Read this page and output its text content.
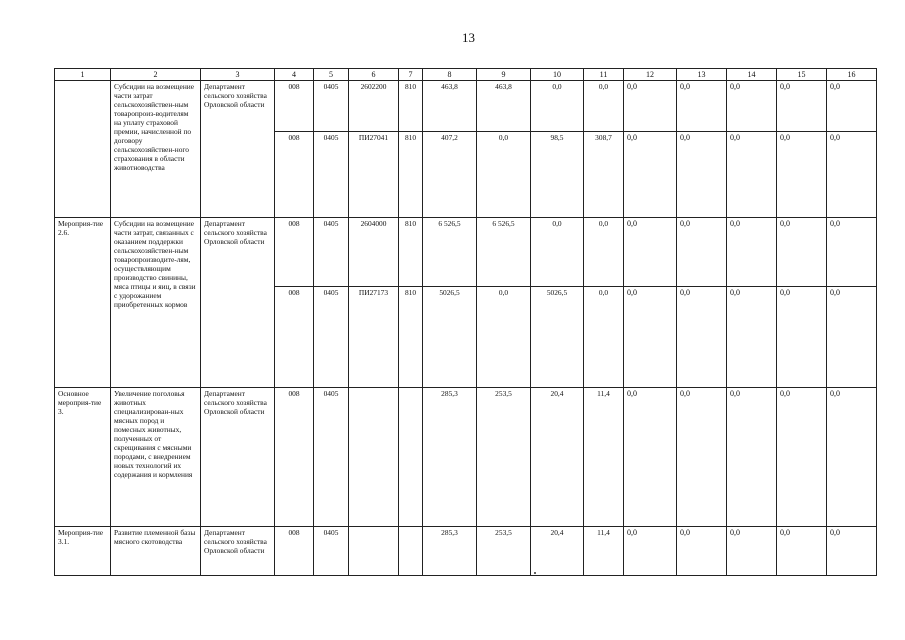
13
1	2	3	4	5	6	7	8	9	10	11	12	13	14	15	16
	Субсидии на возмещение части затрат сельскохозяйствен-ным товаропроиз-водителям на уплату страховой премии, начисленной по договору сельскохозяйствен-ного страхования в области животноводства	Департамент сельского хозяйства Орловской области	008	0405	2602200	810	463,8	463,8	0,0	0,0	0,0	0,0	0,0	0,0	0,0
			008	0405	ПИ27041	810	407,2	0,0	98,5	308,7	0,0	0,0	0,0	0,0	0,0
Мероприя-тие 2.6.	Субсидии на возмещение части затрат, связанных с оказанием поддержки сельскохозяйствен-ным товаропроизводите-лям, осуществляющим производство свинины, мяса птицы и яиц, в связи с удорожанием приобретенных кормов	Департамент сельского хозяйства Орловской области	008	0405	2604000	810	6 526,5	6 526,5	0,0	0,0	0,0	0,0	0,0	0,0	0,0
			008	0405	ПИ27173	810	5026,5	0,0	5026,5	0,0	0,0	0,0	0,0	0,0	0,0
Основное мероприя-тие 3.	Увеличение поголовья животных специализирован-ных мясных пород и помесных животных, полученных от скрещивания с мясными породами, с внедрением новых технологий их содержания и кормления	Департамент сельского хозяйства Орловской области	008	0405			285,3	253,5	20,4	11,4	0,0	0,0	0,0	0,0	0,0
Мероприя-тие 3.1.	Развитие племенной базы мясного скотоводства	Департамент сельского хозяйства Орловской области	008	0405			285,3	253,5	20,4	11,4	0,0	0,0	0,0	0,0	0,0
